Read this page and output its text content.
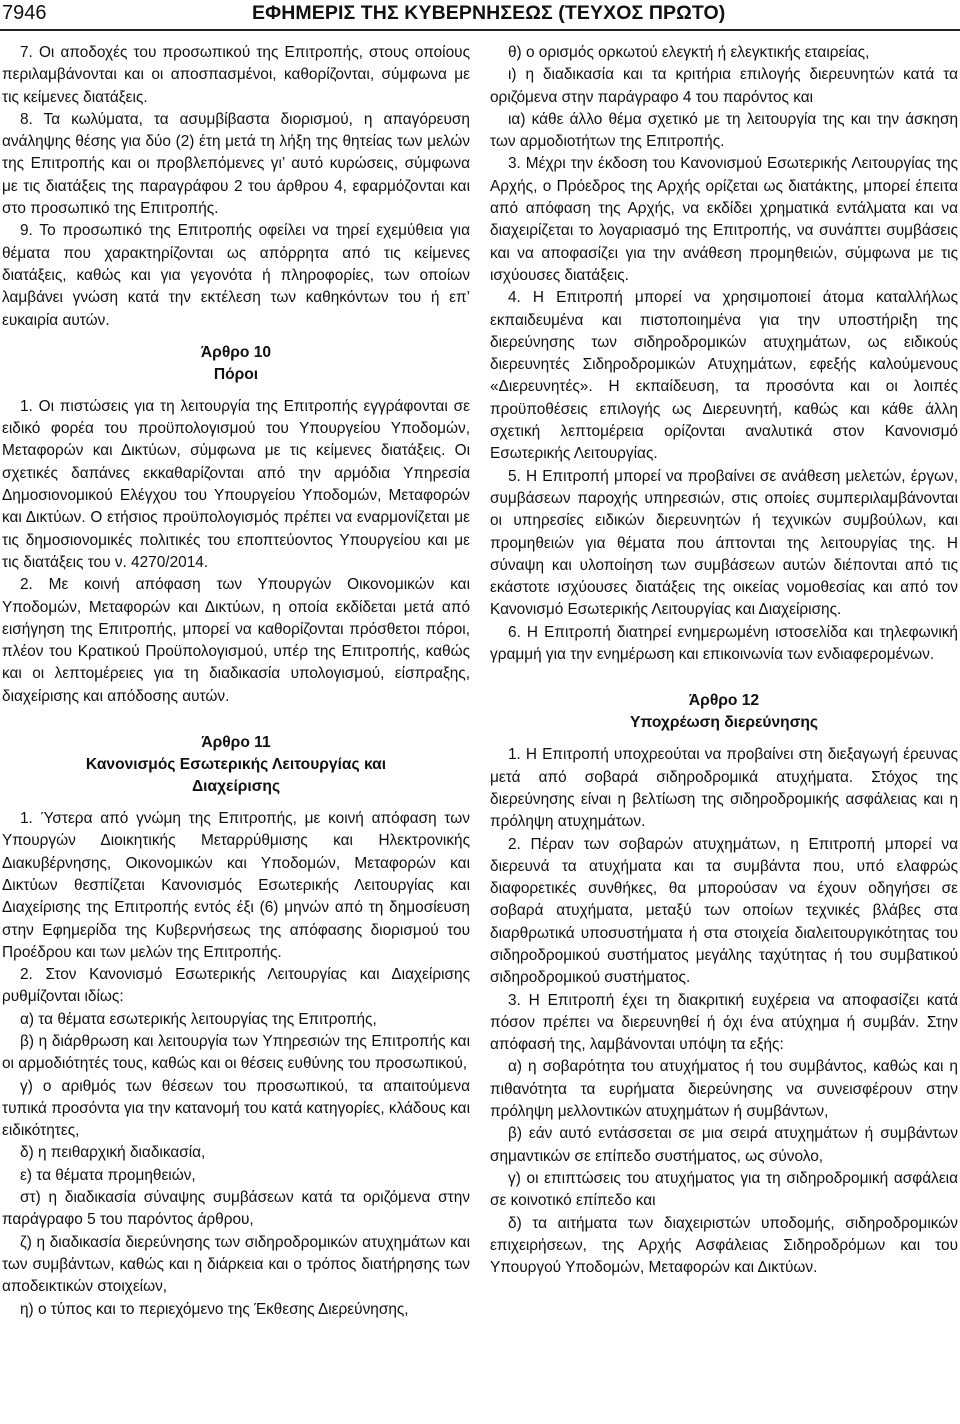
7946	ΕΦΗΜΕΡΙΣ ΤΗΣ ΚΥΒΕΡΝΗΣΕΩΣ (ΤΕΥΧΟΣ ΠΡΩΤΟ)

7. Οι αποδοχές του προσωπικού της Επιτροπής, στους οποίους περιλαμβάνονται και οι αποσπασμένοι, καθορίζονται, σύμφωνα με τις κείμενες διατάξεις.

8. Τα κωλύματα, τα ασυμβίβαστα διορισμού, η απαγόρευση ανάληψης θέσης για δύο (2) έτη μετά τη λήξη της θητείας των μελών της Επιτροπής και οι προβλεπόμενες γι’ αυτό κυρώσεις, σύμφωνα με τις διατάξεις της παραγράφου 2 του άρθρου 4, εφαρμόζονται και στο προσωπικό της Επιτροπής.

9. Το προσωπικό της Επιτροπής οφείλει να τηρεί εχεμύθεια για θέματα που χαρακτηρίζονται ως απόρρητα από τις κείμενες διατάξεις, καθώς και για γεγονότα ή πληροφορίες, των οποίων λαμβάνει γνώση κατά την εκτέλεση των καθηκόντων του ή επ’ ευκαιρία αυτών.

Άρθρο 10
Πόροι

1. Οι πιστώσεις για τη λειτουργία της Επιτροπής εγγράφονται σε ειδικό φορέα του προϋπολογισμού του Υπουργείου Υποδομών, Μεταφορών και Δικτύων, σύμφωνα με τις κείμενες διατάξεις. Οι σχετικές δαπάνες εκκαθαρίζονται από την αρμόδια Υπηρεσία Δημοσιονομικού Ελέγχου του Υπουργείου Υποδομών, Μεταφορών και Δικτύων. Ο ετήσιος προϋπολογισμός πρέπει να εναρμονίζεται με τις δημοσιονομικές πολιτικές του εποπτεύοντος Υπουργείου και με τις διατάξεις του ν. 4270/2014.

2. Με κοινή απόφαση των Υπουργών Οικονομικών και Υποδομών, Μεταφορών και Δικτύων, η οποία εκδίδεται μετά από εισήγηση της Επιτροπής, μπορεί να καθορίζονται πρόσθετοι πόροι, πλέον του Κρατικού Προϋπολογισμού, υπέρ της Επιτροπής, καθώς και οι λεπτομέρειες για τη διαδικασία υπολογισμού, είσπραξης, διαχείρισης και απόδοσης αυτών.

Άρθρο 11
Κανονισμός Εσωτερικής Λειτουργίας και
Διαχείρισης

1. Ύστερα από γνώμη της Επιτροπής, με κοινή απόφαση των Υπουργών Διοικητικής Μεταρρύθμισης και Ηλεκτρονικής Διακυβέρνησης, Οικονομικών και Υποδομών, Μεταφορών και Δικτύων θεσπίζεται Κανονισμός Εσωτερικής Λειτουργίας και Διαχείρισης της Επιτροπής εντός έξι (6) μηνών από τη δημοσίευση στην Εφημερίδα της Κυβερνήσεως της απόφασης διορισμού του Προέδρου και των μελών της Επιτροπής.

2. Στον Κανονισμό Εσωτερικής Λειτουργίας και Διαχείρισης ρυθμίζονται ιδίως:

α) τα θέματα εσωτερικής λειτουργίας της Επιτροπής,

β) η διάρθρωση και λειτουργία των Υπηρεσιών της Επιτροπής και οι αρμοδιότητές τους, καθώς και οι θέσεις ευθύνης του προσωπικού,

γ) ο αριθμός των θέσεων του προσωπικού, τα απαιτούμενα τυπικά προσόντα για την κατανομή του κατά κατηγορίες, κλάδους και ειδικότητες,

δ) η πειθαρχική διαδικασία,

ε) τα θέματα προμηθειών,

στ) η διαδικασία σύναψης συμβάσεων κατά τα οριζόμενα στην παράγραφο 5 του παρόντος άρθρου,

ζ) η διαδικασία διερεύνησης των σιδηροδρομικών ατυχημάτων και των συμβάντων, καθώς και η διάρκεια και ο τρόπος διατήρησης των αποδεικτικών στοιχείων,

η) ο τύπος και το περιεχόμενο της Έκθεσης Διερεύνησης,

θ) ο ορισμός ορκωτού ελεγκτή ή ελεγκτικής εταιρείας,

ι) η διαδικασία και τα κριτήρια επιλογής διερευνητών κατά τα οριζόμενα στην παράγραφο 4 του παρόντος και

ια) κάθε άλλο θέμα σχετικό με τη λειτουργία της και την άσκηση των αρμοδιοτήτων της Επιτροπής.

3. Μέχρι την έκδοση του Κανονισμού Εσωτερικής Λειτουργίας της Αρχής, ο Πρόεδρος της Αρχής ορίζεται ως διατάκτης, μπορεί έπειτα από απόφαση της Αρχής, να εκδίδει χρηματικά εντάλματα και να διαχειρίζεται το λογαριασμό της Επιτροπής, να συνάπτει συμβάσεις και να αποφασίζει για την ανάθεση προμηθειών, σύμφωνα με τις ισχύουσες διατάξεις.

4. Η Επιτροπή μπορεί να χρησιμοποιεί άτομα καταλλήλως εκπαιδευμένα και πιστοποιημένα για την υποστήριξη της διερεύνησης των σιδηροδρομικών ατυχημάτων, ως ειδικούς διερευνητές Σιδηροδρομικών Ατυχημάτων, εφεξής καλούμενους «Διερευνητές». Η εκπαίδευση, τα προσόντα και οι λοιπές προϋποθέσεις επιλογής ως Διερευνητή, καθώς και κάθε άλλη σχετική λεπτομέρεια ορίζονται αναλυτικά στον Κανονισμό Εσωτερικής Λειτουργίας.

5. Η Επιτροπή μπορεί να προβαίνει σε ανάθεση μελετών, έργων, συμβάσεων παροχής υπηρεσιών, στις οποίες συμπεριλαμβάνονται οι υπηρεσίες ειδικών διερευνητών ή τεχνικών συμβούλων, και προμηθειών για θέματα που άπτονται της λειτουργίας της. Η σύναψη και υλοποίηση των συμβάσεων αυτών διέπονται από τις εκάστοτε ισχύουσες διατάξεις της οικείας νομοθεσίας και από τον Κανονισμό Εσωτερικής Λειτουργίας και Διαχείρισης.

6. Η Επιτροπή διατηρεί ενημερωμένη ιστοσελίδα και τηλεφωνική γραμμή για την ενημέρωση και επικοινωνία των ενδιαφερομένων.

Άρθρο 12
Υποχρέωση διερεύνησης

1. Η Επιτροπή υποχρεούται να προβαίνει στη διεξαγωγή έρευνας μετά από σοβαρά σιδηροδρομικά ατυχήματα. Στόχος της διερεύνησης είναι η βελτίωση της σιδηροδρομικής ασφάλειας και η πρόληψη ατυχημάτων.

2. Πέραν των σοβαρών ατυχημάτων, η Επιτροπή μπορεί να διερευνά τα ατυχήματα και τα συμβάντα που, υπό ελαφρώς διαφορετικές συνθήκες, θα μπορούσαν να έχουν οδηγήσει σε σοβαρά ατυχήματα, μεταξύ των οποίων τεχνικές βλάβες στα διαρθρωτικά υποσυστήματα ή στα στοιχεία διαλειτουργικότητας του σιδηροδρομικού συστήματος μεγάλης ταχύτητας ή του συμβατικού σιδηροδρομικού συστήματος.

3. Η Επιτροπή έχει τη διακριτική ευχέρεια να αποφασίζει κατά πόσον πρέπει να διερευνηθεί ή όχι ένα ατύχημα ή συμβάν. Στην απόφασή της, λαμβάνονται υπόψη τα εξής:

α) η σοβαρότητα του ατυχήματος ή του συμβάντος, καθώς και η πιθανότητα τα ευρήματα διερεύνησης να συνεισφέρουν στην πρόληψη μελλοντικών ατυχημάτων ή συμβάντων,

β) εάν αυτό εντάσσεται σε μια σειρά ατυχημάτων ή συμβάντων σημαντικών σε επίπεδο συστήματος, ως σύνολο,

γ) οι επιπτώσεις του ατυχήματος για τη σιδηροδρομική ασφάλεια σε κοινοτικό επίπεδο και

δ) τα αιτήματα των διαχειριστών υποδομής, σιδηροδρομικών επιχειρήσεων, της Αρχής Ασφάλειας Σιδηροδρόμων και του Υπουργού Υποδομών, Μεταφορών και Δικτύων.
